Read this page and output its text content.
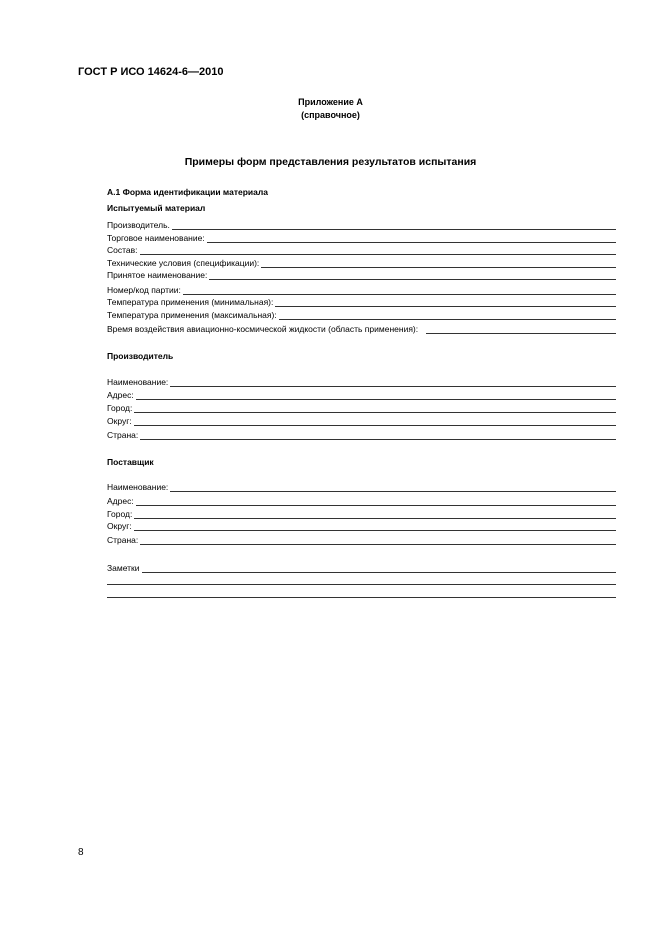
ГОСТ Р ИСО 14624-6—2010
Приложение А
(справочное)
Примеры форм представления результатов испытания
А.1 Форма идентификации материала
Испытуемый материал
Производитель.
Торговое наименование:
Состав:
Технические условия (спецификации):
Принятое наименование:
Номер/код партии:
Температура применения (минимальная):
Температура применения (максимальная):
Время воздействия авиационно-космической жидкости (область применения):
Производитель
Наименование:
Адрес:
Город:
Округ:
Страна:
Поставщик
Наименование:
Адрес:
Город:
Округ:
Страна:
Заметки
8
